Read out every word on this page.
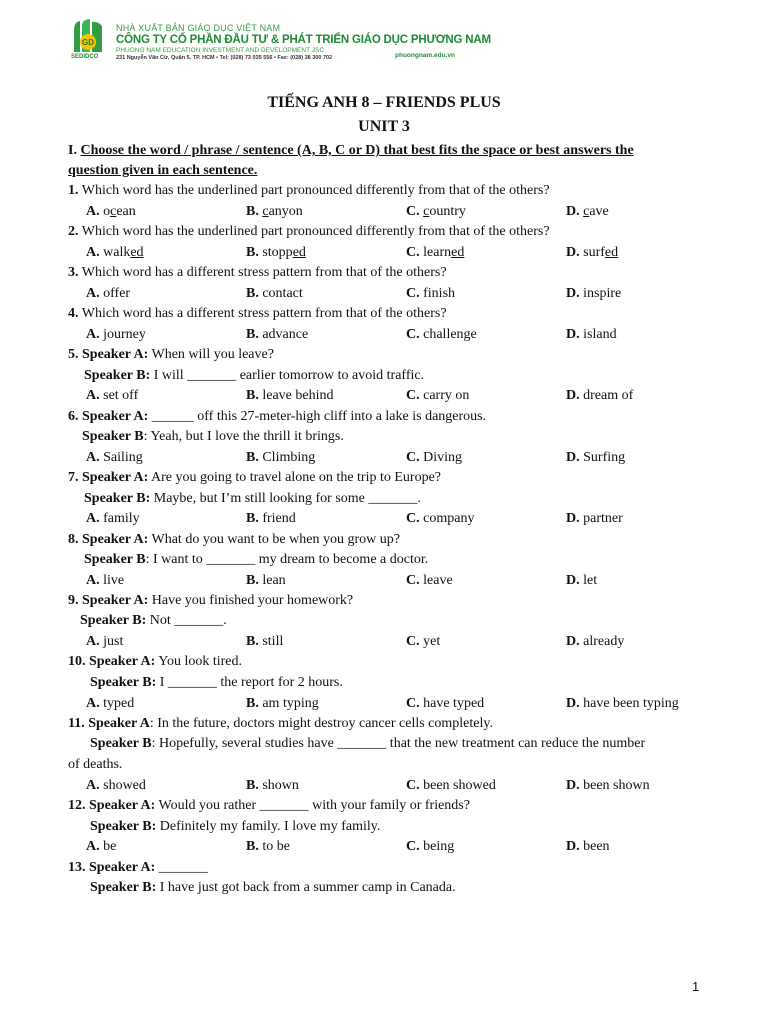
GD
SEDIDCO
NHÀ XUẤT BẢN GIÁO DỤC VIỆT NAM
CÔNG TY CỔ PHẦN ĐẦU TƯ & PHÁT TRIỂN GIÁO DỤC PHƯƠNG NAM
PHUONG NAM EDUCATION INVESTMENT AND DEVELOPMENT JSC
231 Nguyễn Văn Cừ, Quận 5, TP. HCM • Tel: (028) 73 035 556 • Fax: (028) 38 300 702	phuongnam.edu.vn
TIẾNG ANH 8 – FRIENDS PLUS
UNIT 3
I. Choose the word / phrase / sentence (A, B, C or D) that best fits the space or best answers the
question given in each sentence.
1. Which word has the underlined part pronounced differently from that of the others?
A. ocean	B. canyon	C. country	D. cave
2. Which word has the underlined part pronounced differently from that of the others?
A. walked	B. stopped	C. learned	D. surfed
3. Which word has a different stress pattern from that of the others?
A. offer	B. contact	C. finish	D. inspire
4. Which word has a different stress pattern from that of the others?
A. journey	B. advance	C. challenge	D. island
5. Speaker A: When will you leave?
Speaker B: I will _______ earlier tomorrow to avoid traffic.
A. set off	B. leave behind	C. carry on	D. dream of
6. Speaker A: ______ off this 27-meter-high cliff into a lake is dangerous.
Speaker B: Yeah, but I love the thrill it brings.
A. Sailing	B. Climbing	C. Diving	D. Surfing
7. Speaker A: Are you going to travel alone on the trip to Europe?
Speaker B: Maybe, but I’m still looking for some _______.
A. family	B. friend	C. company	D. partner
8. Speaker A: What do you want to be when you grow up?
Speaker B: I want to _______ my dream to become a doctor.
A. live	B. lean	C. leave	D. let
9. Speaker A: Have you finished your homework?
Speaker B: Not _______.
A. just	B. still	C. yet	D. already
10. Speaker A: You look tired.
Speaker B: I _______ the report for 2 hours.
A. typed	B. am typing	C. have typed	D. have been typing
11. Speaker A: In the future, doctors might destroy cancer cells completely.
Speaker B: Hopefully, several studies have _______ that the new treatment can reduce the number
of deaths.
A. showed	B. shown	C. been showed	D. been shown
12. Speaker A: Would you rather _______ with your family or friends?
Speaker B: Definitely my family. I love my family.
A. be	B. to be	C. being	D. been
13. Speaker A: _______
Speaker B: I have just got back from a summer camp in Canada.
1
